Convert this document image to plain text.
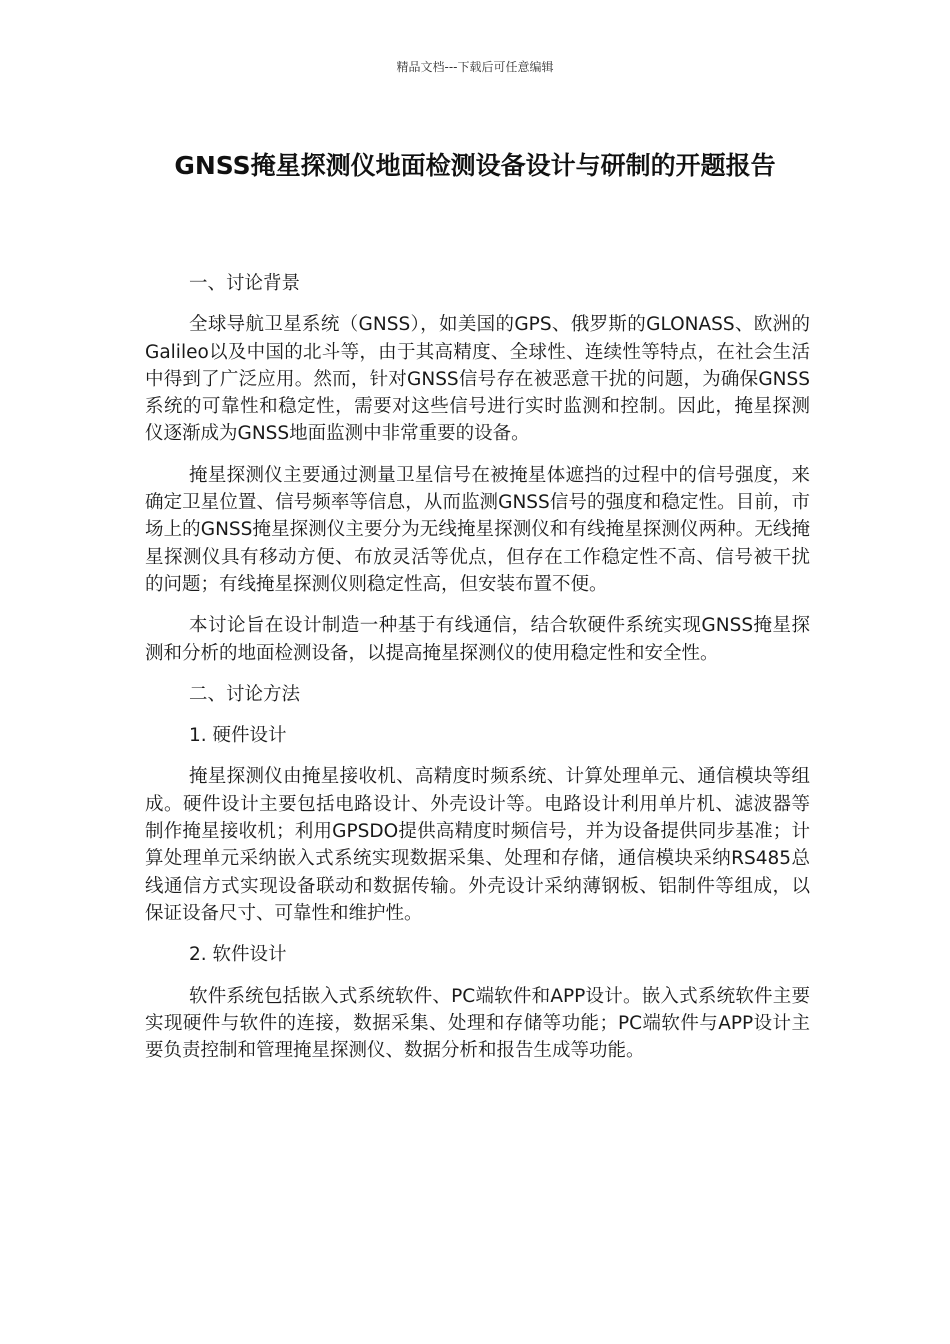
精品文档---下载后可任意编辑
GNSS掩星探测仪地面检测设备设计与研制的开题报告

一、讨论背景

全球导航卫星系统（GNSS），如美国的GPS、俄罗斯的GLONASS、欧洲的Galileo以及中国的北斗等，由于其高精度、全球性、连续性等特点，在社会生活中得到了广泛应用。然而，针对GNSS信号存在被恶意干扰的问题，为确保GNSS系统的可靠性和稳定性，需要对这些信号进行实时监测和控制。因此，掩星探测仪逐渐成为GNSS地面监测中非常重要的设备。

掩星探测仪主要通过测量卫星信号在被掩星体遮挡的过程中的信号强度，来确定卫星位置、信号频率等信息，从而监测GNSS信号的强度和稳定性。目前，市场上的GNSS掩星探测仪主要分为无线掩星探测仪和有线掩星探测仪两种。无线掩星探测仪具有移动方便、布放灵活等优点，但存在工作稳定性不高、信号被干扰的问题；有线掩星探测仪则稳定性高，但安装布置不便。

本讨论旨在设计制造一种基于有线通信，结合软硬件系统实现GNSS掩星探测和分析的地面检测设备，以提高掩星探测仪的使用稳定性和安全性。

二、讨论方法

1. 硬件设计

掩星探测仪由掩星接收机、高精度时频系统、计算处理单元、通信模块等组成。硬件设计主要包括电路设计、外壳设计等。电路设计利用单片机、滤波器等制作掩星接收机；利用GPSDO提供高精度时频信号，并为设备提供同步基准；计算处理单元采纳嵌入式系统实现数据采集、处理和存储，通信模块采纳RS485总线通信方式实现设备联动和数据传输。外壳设计采纳薄钢板、铝制件等组成，以保证设备尺寸、可靠性和维护性。

2. 软件设计

软件系统包括嵌入式系统软件、PC端软件和APP设计。嵌入式系统软件主要实现硬件与软件的连接，数据采集、处理和存储等功能；PC端软件与APP设计主要负责控制和管理掩星探测仪、数据分析和报告生成等功能。
